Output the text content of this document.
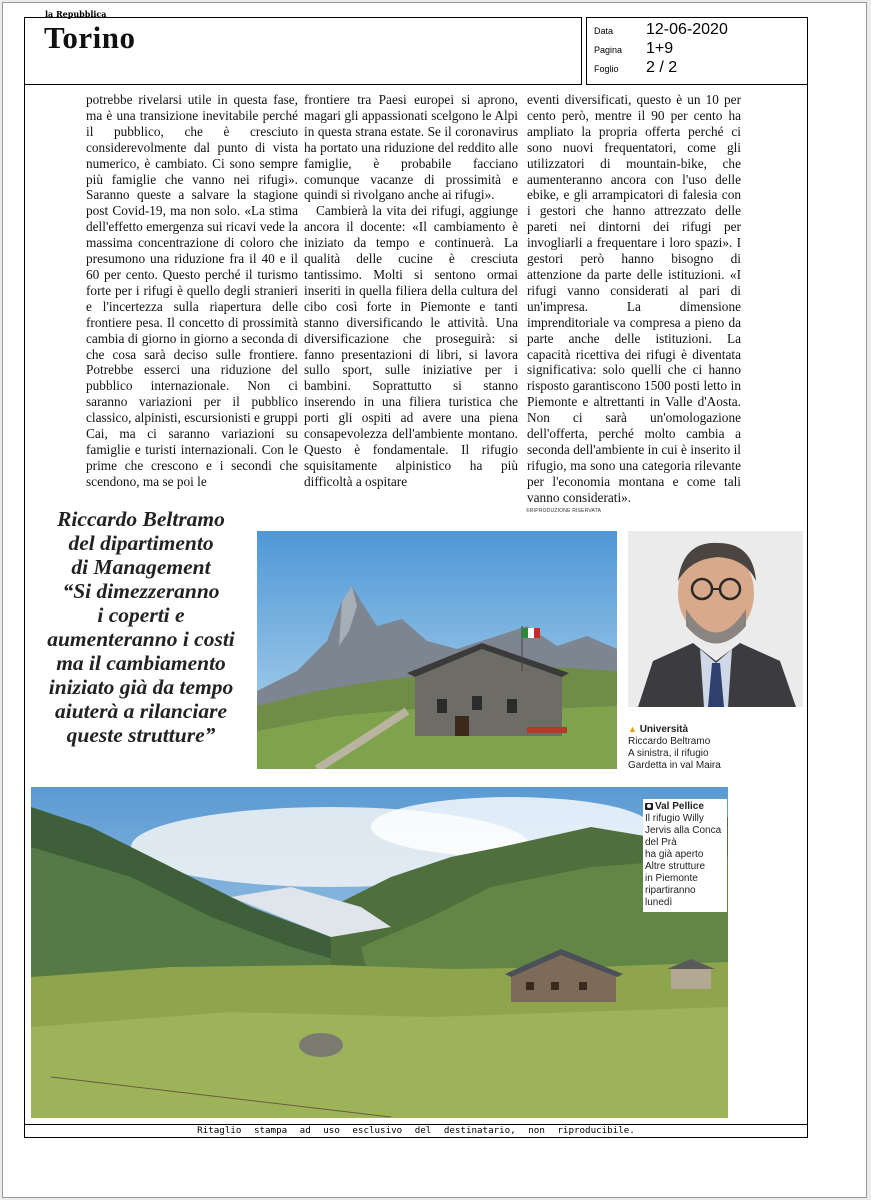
la Repubblica
Torino	Data 12-06-2020
Pagina 1+9
Foglio 2 / 2

potrebbe rivelarsi utile in questa fase, ma è una transizione inevitabile perché il pubblico, che è cresciuto considerevolmente dal punto di vista numerico, è cambiato. Ci sono sempre più famiglie che vanno nei rifugi». Saranno queste a salvare la stagione post Covid-19, ma non solo. «La stima dell'effetto emergenza sui ricavi vede la massima concentrazione di coloro che presumono una riduzione fra il 40 e il 60 per cento. Questo perché il turismo forte per i rifugi è quello degli stranieri e l'incertezza sulla riapertura delle frontiere pesa. Il concetto di prossimità cambia di giorno in giorno a seconda di che cosa sarà deciso sulle frontiere. Potrebbe esserci una riduzione del pubblico internazionale. Non ci saranno variazioni per il pubblico classico, alpinisti, escursionisti e gruppi Cai, ma ci saranno variazioni su famiglie e turisti internazionali. Con le prime che crescono e i secondi che scendono, ma se poi le

frontiere tra Paesi europei si aprono, magari gli appassionati scelgono le Alpi in questa strana estate. Se il coronavirus ha portato una riduzione del reddito alle famiglie, è probabile facciano comunque vacanze di prossimità e quindi si rivolgano anche ai rifugi».

Cambierà la vita dei rifugi, aggiunge ancora il docente: «Il cambiamento è iniziato da tempo e continuerà. La qualità delle cucine è cresciuta tantissimo. Molti si sentono ormai inseriti in quella filiera della cultura del cibo così forte in Piemonte e tanti stanno diversificando le attività. Una diversificazione che proseguirà: si fanno presentazioni di libri, si lavora sullo sport, sulle iniziative per i bambini. Soprattutto si stanno inserendo in una filiera turistica che porti gli ospiti ad avere una piena consapevolezza dell'ambiente montano. Questo è fondamentale. Il rifugio squisitamente alpinistico ha più difficoltà a ospitare

eventi diversificati, questo è un 10 per cento però, mentre il 90 per cento ha ampliato la propria offerta perché ci sono nuovi frequentatori, come gli utilizzatori di mountain-bike, che aumenteranno ancora con l'uso delle ebike, e gli arrampicatori di falesia con i gestori che hanno attrezzato delle pareti nei dintorni dei rifugi per invogliarli a frequentare i loro spazi». I gestori però hanno bisogno di attenzione da parte delle istituzioni. «I rifugi vanno considerati al pari di un'impresa. La dimensione imprenditoriale va compresa a pieno da parte anche delle istituzioni. La capacità ricettiva dei rifugi è diventata significativa: solo quelli che ci hanno risposto garantiscono 1500 posti letto in Piemonte e altrettanti in Valle d'Aosta. Non ci sarà un'omologazione dell'offerta, perché molto cambia a seconda dell'ambiente in cui è inserito il rifugio, ma sono una categoria rilevante per l'economia montana e come tali vanno considerati».

©RIPRODUZIONE RISERVATA
Riccardo Beltramo
del dipartimento
di Management
“Si dimezzeranno
i coperti e
aumenteranno i costi
ma il cambiamento
iniziato già da tempo
aiuterà a rilanciare
queste strutture”	▲ Università
Riccardo Beltramo
A sinistra, il rifugio
Gardetta in val Maira
Val Pellice
Il rifugio Willy
Jervis alla Conca
del Prà
ha già aperto
Altre strutture
in Piemonte
ripartiranno
lunedì
Ritaglio stampa ad uso esclusivo del destinatario, non riproducibile.
